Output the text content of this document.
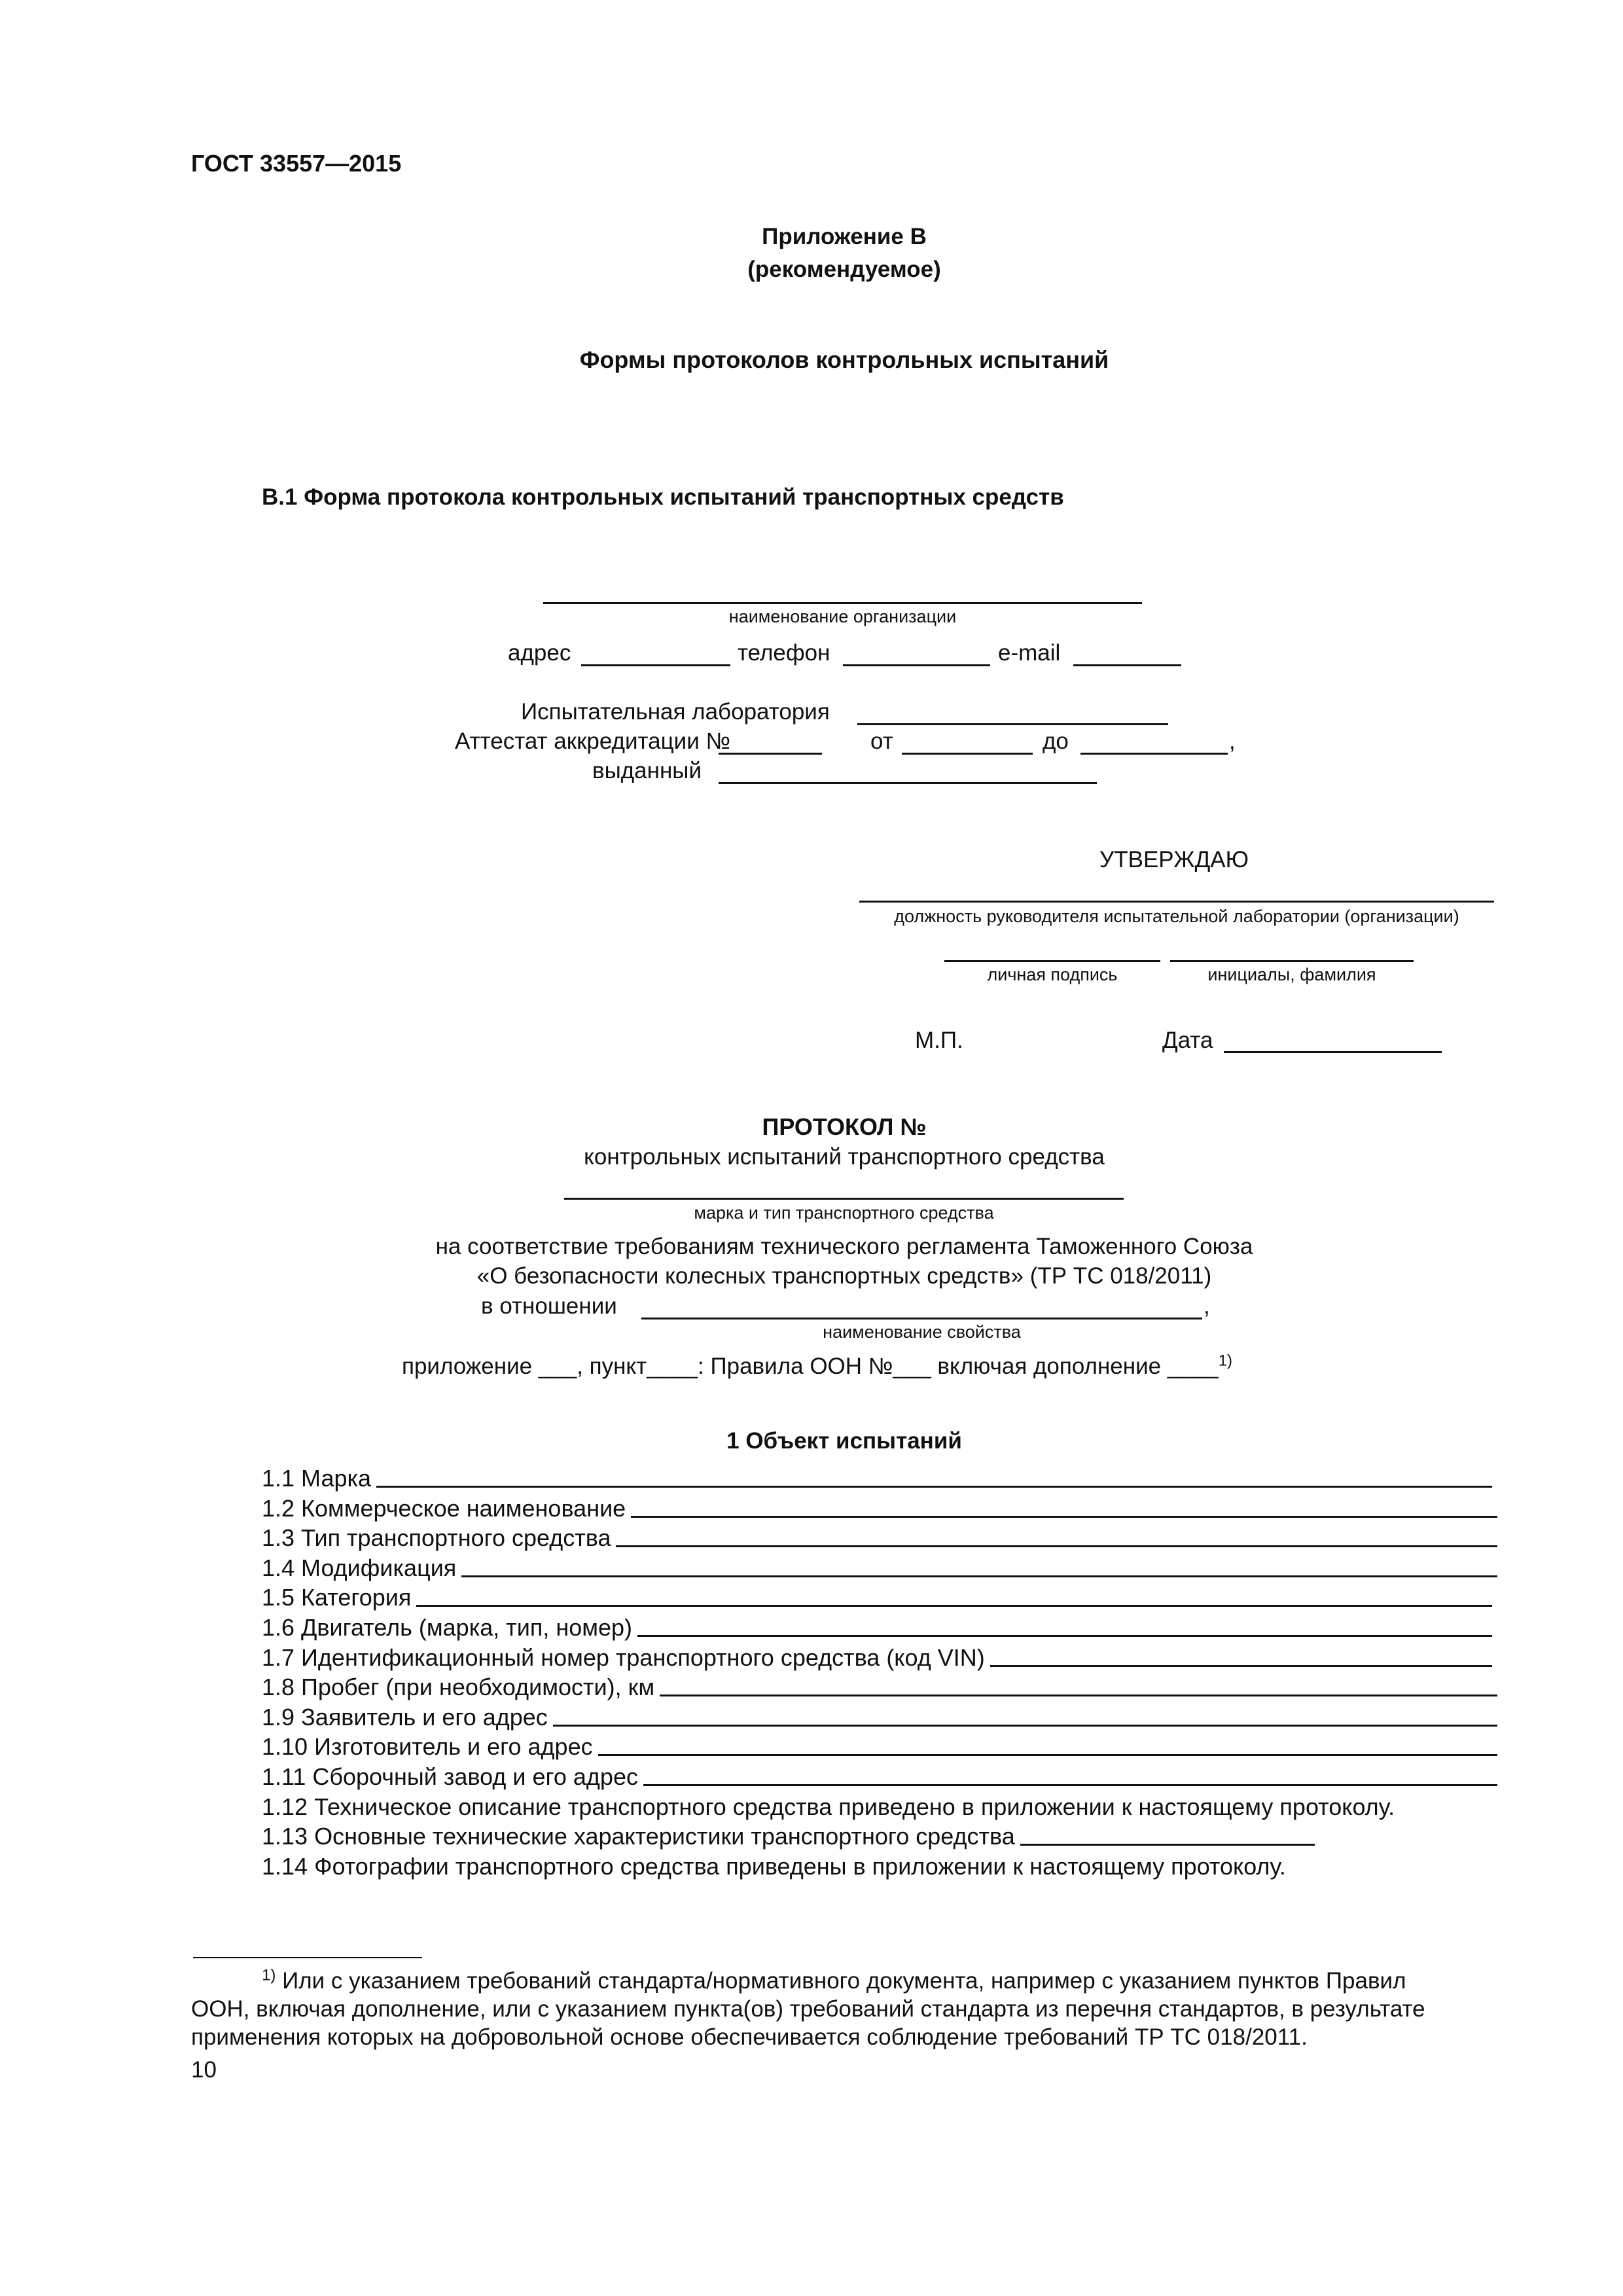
ГОСТ 33557—2015
Приложение В
(рекомендуемое)
Формы протоколов контрольных испытаний
В.1 Форма протокола контрольных испытаний транспортных средств
наименование организации
адрес	телефон	e-mail
Испытательная лаборатория
Аттестат аккредитации №	от	до	,
выданный
УТВЕРЖДАЮ
должность руководителя испытательной лаборатории (организации)
личная подпись	инициалы, фамилия
М.П.	Дата
ПРОТОКОЛ №
контрольных испытаний транспортного средства
марка и тип транспортного средства
на соответствие требованиям технического регламента Таможенного Союза
«О безопасности колесных транспортных средств» (ТР ТС 018/2011)
в отношении	,
наименование свойства
приложение ___, пункт____: Правила ООН №___ включая дополнение ____$^{1)}$
1 Объект испытаний
1.1 Марка
1.2 Коммерческое наименование
1.3 Тип транспортного средства
1.4 Модификация
1.5 Категория
1.6 Двигатель (марка, тип, номер)
1.7 Идентификационный номер транспортного средства (код VIN)
1.8 Пробег (при необходимости), км
1.9 Заявитель и его адрес
1.10 Изготовитель и его адрес
1.11 Сборочный завод и его адрес
1.12 Техническое описание транспортного средства приведено в приложении к настоящему протоколу.
1.13 Основные технические характеристики транспортного средства
1.14 Фотографии транспортного средства приведены в приложении к настоящему протоколу.
$^{1)}$ Или с указанием требований стандарта/нормативного документа, например с указанием пунктов Правил
ООН, включая дополнение, или с указанием пункта(ов) требований стандарта из перечня стандартов, в результате
применения которых на добровольной основе обеспечивается соблюдение требований ТР ТС 018/2011.
10
